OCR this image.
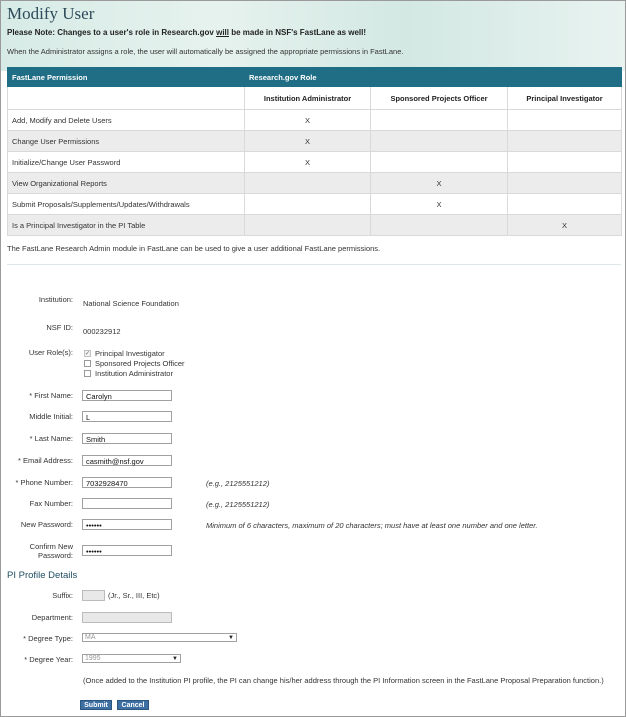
Modify User
Please Note: Changes to a user's role in Research.gov will be made in NSF's FastLane as well!
When the Administrator assigns a role, the user will automatically be assigned the appropriate permissions in FastLane.
FastLane Permission	Research.gov Role		
	Institution Administrator	Sponsored Projects Officer	Principal Investigator
Add, Modify and Delete Users	X		
Change User Permissions	X		
Initialize/Change User Password	X		
View Organizational Reports		X	
Submit Proposals/Supplements/Updates/Withdrawals		X	
Is a Principal Investigator in the PI Table			X
The FastLane Research Admin module in FastLane can be used to give a user additional FastLane permissions.
Institution: National Science Foundation
NSF ID: 000232912
User Role(s): ✓ Principal Investigator
Sponsored Projects Officer
Institution Administrator
* First Name:	Carolyn
Middle Initial:	L
* Last Name:	Smith
* Email Address:	casmith@nsf.gov
* Phone Number:	7032928470	(e.g., 2125551212)
Fax Number:	(e.g., 2125551212)
New Password:	••••••	Minimum of 6 characters, maximum of 20 characters; must have at least one number and one letter.
Confirm New
Password:	••••••
PI Profile Details
Suffix:	(Jr., Sr., III, Etc)
Department:
* Degree Type:	MA	▼
* Degree Year:	1995	▼
(Once added to the Institution PI profile, the PI can change his/her address through the PI Information screen in the FastLane Proposal Preparation function.)
Submit	Cancel
